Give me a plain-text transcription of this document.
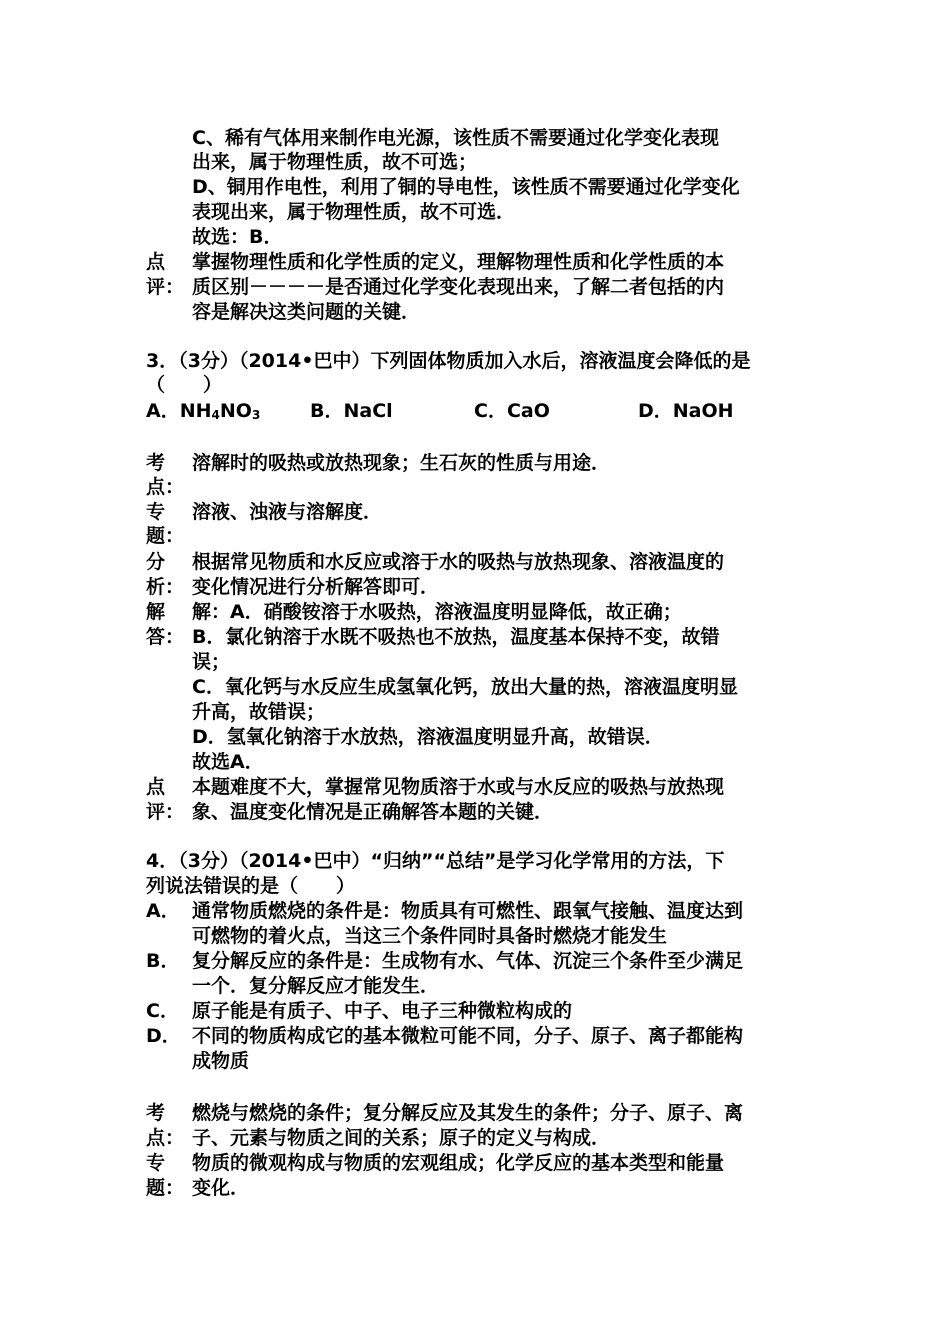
C、稀有气体用来制作电光源，该性质不需要通过化学变化表现
出来，属于物理性质，故不可选；
D、铜用作电性，利用了铜的导电性，该性质不需要通过化学变化
表现出来，属于物理性质，故不可选．
故选：B．
点
评：
掌握物理性质和化学性质的定义，理解物理性质和化学性质的本
质区别－－－－是否通过化学变化表现出来，了解二者包括的内
容是解决这类问题的关键．
3．（3分）（2014•巴中）下列固体物质加入水后，溶液温度会降低的是
（　　）
A．$NH_4NO_3$	B．NaCl	C．CaO	D．NaOH
考
点：
溶解时的吸热或放热现象；生石灰的性质与用途．
专
题：
溶液、浊液与溶解度．
分
析：
根据常见物质和水反应或溶于水的吸热与放热现象、溶液温度的
变化情况进行分析解答即可．
解
答：
解：A．硝酸铵溶于水吸热，溶液温度明显降低，故正确；
B．氯化钠溶于水既不吸热也不放热，温度基本保持不变，故错
误；
C．氧化钙与水反应生成氢氧化钙，放出大量的热，溶液温度明显
升高，故错误；
D．氢氧化钠溶于水放热，溶液温度明显升高，故错误．
故选A．
点
评：
本题难度不大，掌握常见物质溶于水或与水反应的吸热与放热现
象、温度变化情况是正确解答本题的关键．
4．（3分）（2014•巴中）“归纳”“总结”是学习化学常用的方法，下
列说法错误的是（　　）
A． 通常物质燃烧的条件是：物质具有可燃性、跟氧气接触、温度达到
可燃物的着火点，当这三个条件同时具备时燃烧才能发生
B． 复分解反应的条件是：生成物有水、气体、沉淀三个条件至少满足
一个．复分解反应才能发生．
C． 原子能是有质子、中子、电子三种微粒构成的
D． 不同的物质构成它的基本微粒可能不同，分子、原子、离子都能构
成物质
考
点：
燃烧与燃烧的条件；复分解反应及其发生的条件；分子、原子、离
子、元素与物质之间的关系；原子的定义与构成．
专
题：
物质的微观构成与物质的宏观组成；化学反应的基本类型和能量
变化．
